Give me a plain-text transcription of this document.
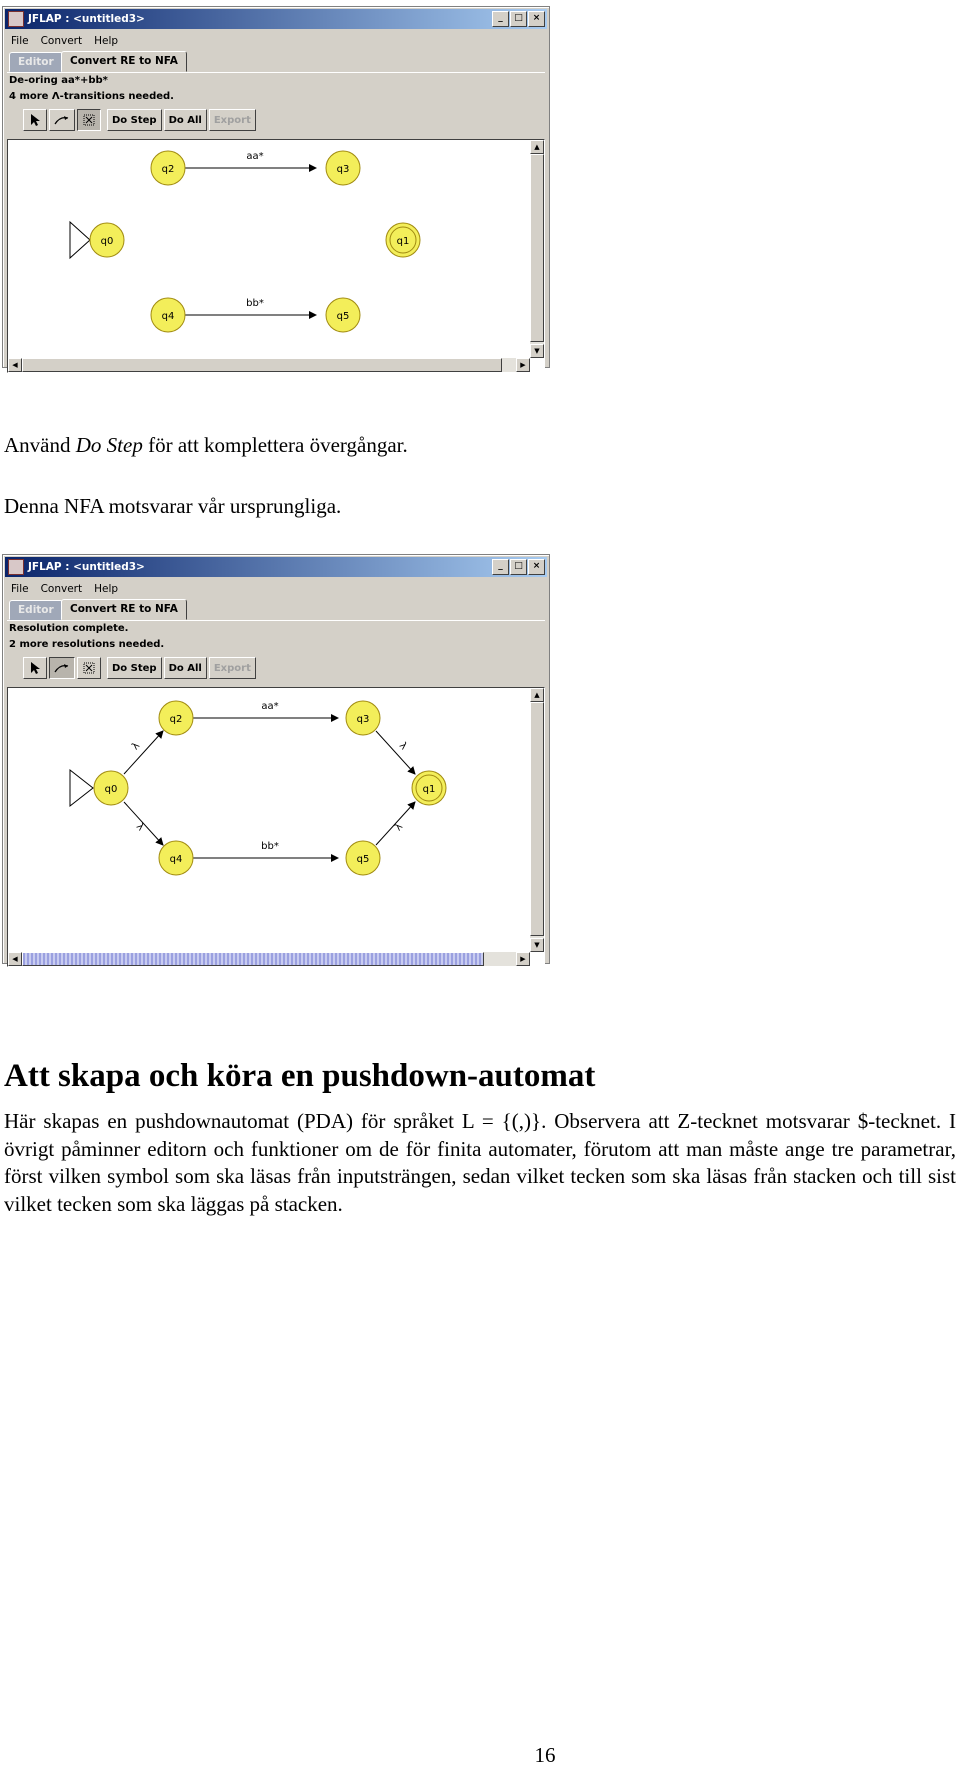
JFLAP : <untitled3>	_	□	×
File Convert Help
Editor	Convert RE to NFA
De-oring aa*+bb*
4 more Λ-transitions needed.
Do Step	Do All	Export
aa*
bb*
q0	q1
q2	q3
q4	q5
▲
▼
◀	▶
Använd Do Step för att komplettera övergångar.
Denna NFA motsvarar vår ursprungliga.
JFLAP : <untitled3>	_	□	×
File Convert Help
Editor	Convert RE to NFA
Resolution complete.
2 more resolutions needed.
Do Step	Do All	Export
aa*
bb*
λ
λ
λ
λ
q0	q1
q2	q3
q4	q5
▲
▼
◀	▶
Att skapa och köra en pushdown-automat
Här skapas en pushdownautomat (PDA) för språket L = {(,)}. Observera att Z-tecknet motsvarar $-tecknet. I övrigt påminner editorn och funktioner om de för finita automater, förutom att man måste ange tre parametrar, först vilken symbol som ska läsas från inputsträngen, sedan vilket tecken som ska läsas från stacken och till sist vilket tecken som ska läggas på stacken.
16
